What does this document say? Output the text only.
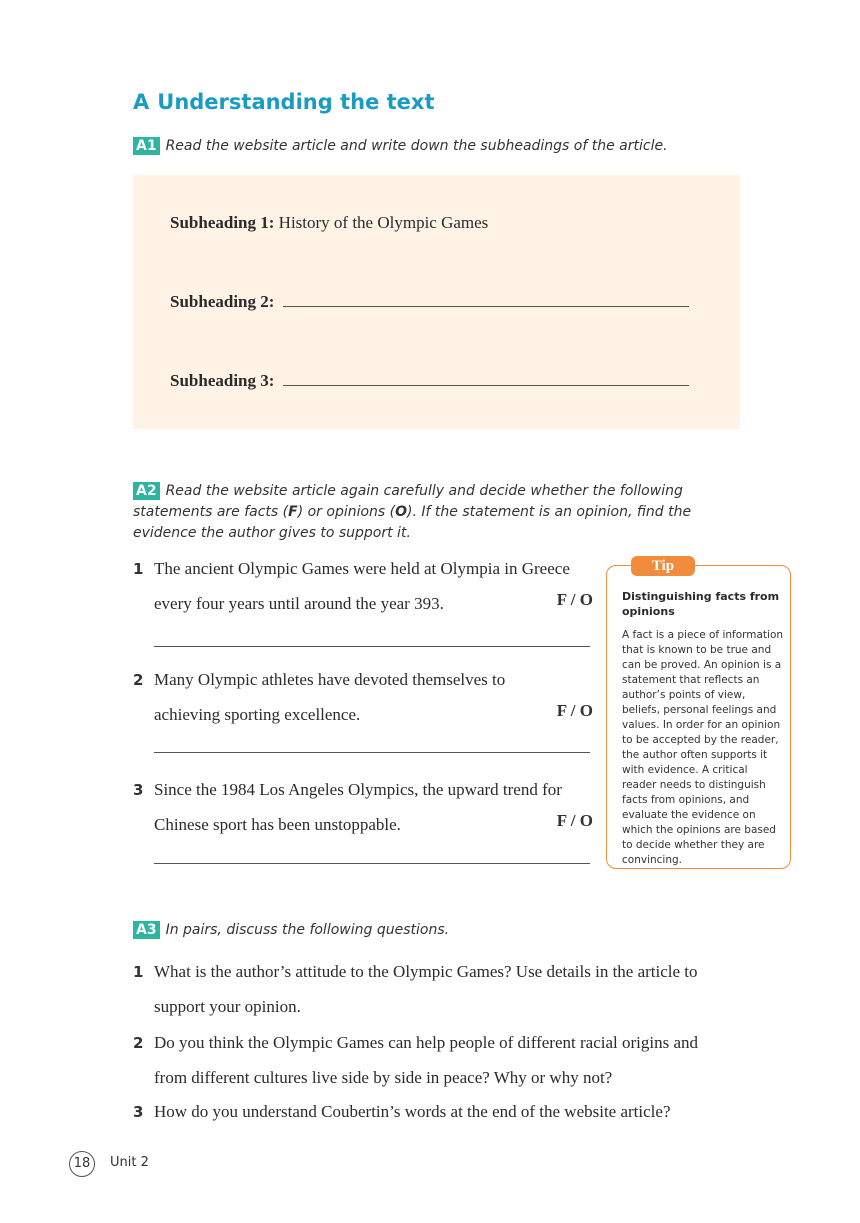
A Understanding the text
A1 Read the website article and write down the subheadings of the article.
Subheading 1: History of the Olympic Games
Subheading 2:
Subheading 3:
A2 Read the website article again carefully and decide whether the following statements are facts (F) or opinions (O). If the statement is an opinion, find the evidence the author gives to support it.
1 The ancient Olympic Games were held at Olympia in Greece
every four years until around the year 393.	F / O
2 Many Olympic athletes have devoted themselves to
achieving sporting excellence.	F / O
3 Since the 1984 Los Angeles Olympics, the upward trend for
Chinese sport has been unstoppable.	F / O
Tip
Distinguishing facts from opinions
A fact is a piece of information that is known to be true and can be proved. An opinion is a statement that reflects an author’s points of view, beliefs, personal feelings and values. In order for an opinion to be accepted by the reader, the author often supports it with evidence. A critical reader needs to distinguish facts from opinions, and evaluate the evidence on which the opinions are based to decide whether they are convincing.
A3 In pairs, discuss the following questions.
1 What is the author’s attitude to the Olympic Games? Use details in the article to
support your opinion.
2 Do you think the Olympic Games can help people of different racial origins and
from different cultures live side by side in peace? Why or why not?
3 How do you understand Coubertin’s words at the end of the website article?
18	Unit 2
